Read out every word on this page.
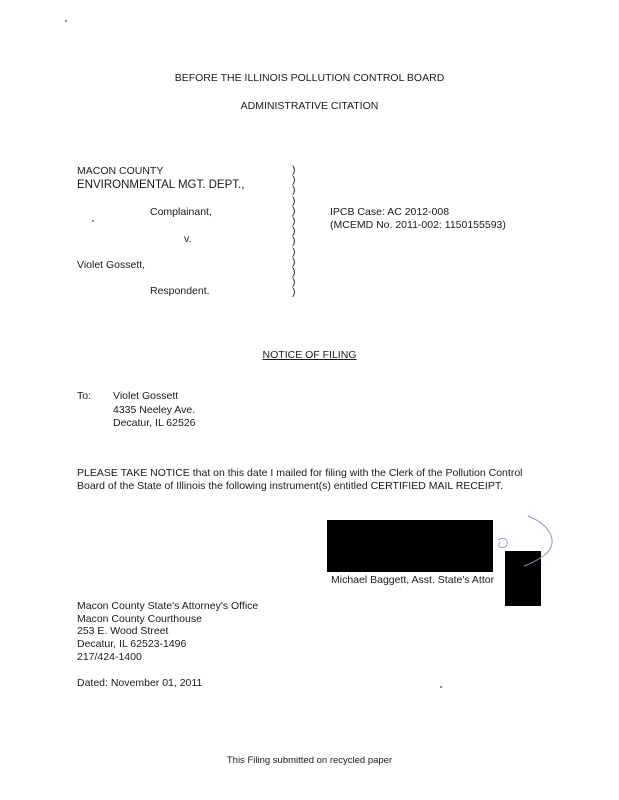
BEFORE THE ILLINOIS POLLUTION CONTROL BOARD
ADMINISTRATIVE CITATION
MACON COUNTY
ENVIRONMENTAL MGT. DEPT.,
Complainant,
v.
Violet Gossett,
Respondent.
)
)
)
)
)
)
)
)
)
)
)
)
)
IPCB Case: AC 2012-008
(MCEMD No. 2011-002: 1150155593)
NOTICE OF FILING
To: Violet Gossett
4335 Neeley Ave.
Decatur, IL 62526
PLEASE TAKE NOTICE that on this date I mailed for filing with the Clerk of the Pollution Control
Board of the State of Illinois the following instrument(s) entitled CERTIFIED MAIL RECEIPT.
Michael Baggett, Asst. State's Attor
Macon County State's Attorney's Office
Macon County Courthouse
253 E. Wood Street
Decatur, IL 62523-1496
217/424-1400
Dated: November 01, 2011
This Filing submitted on recycled paper
